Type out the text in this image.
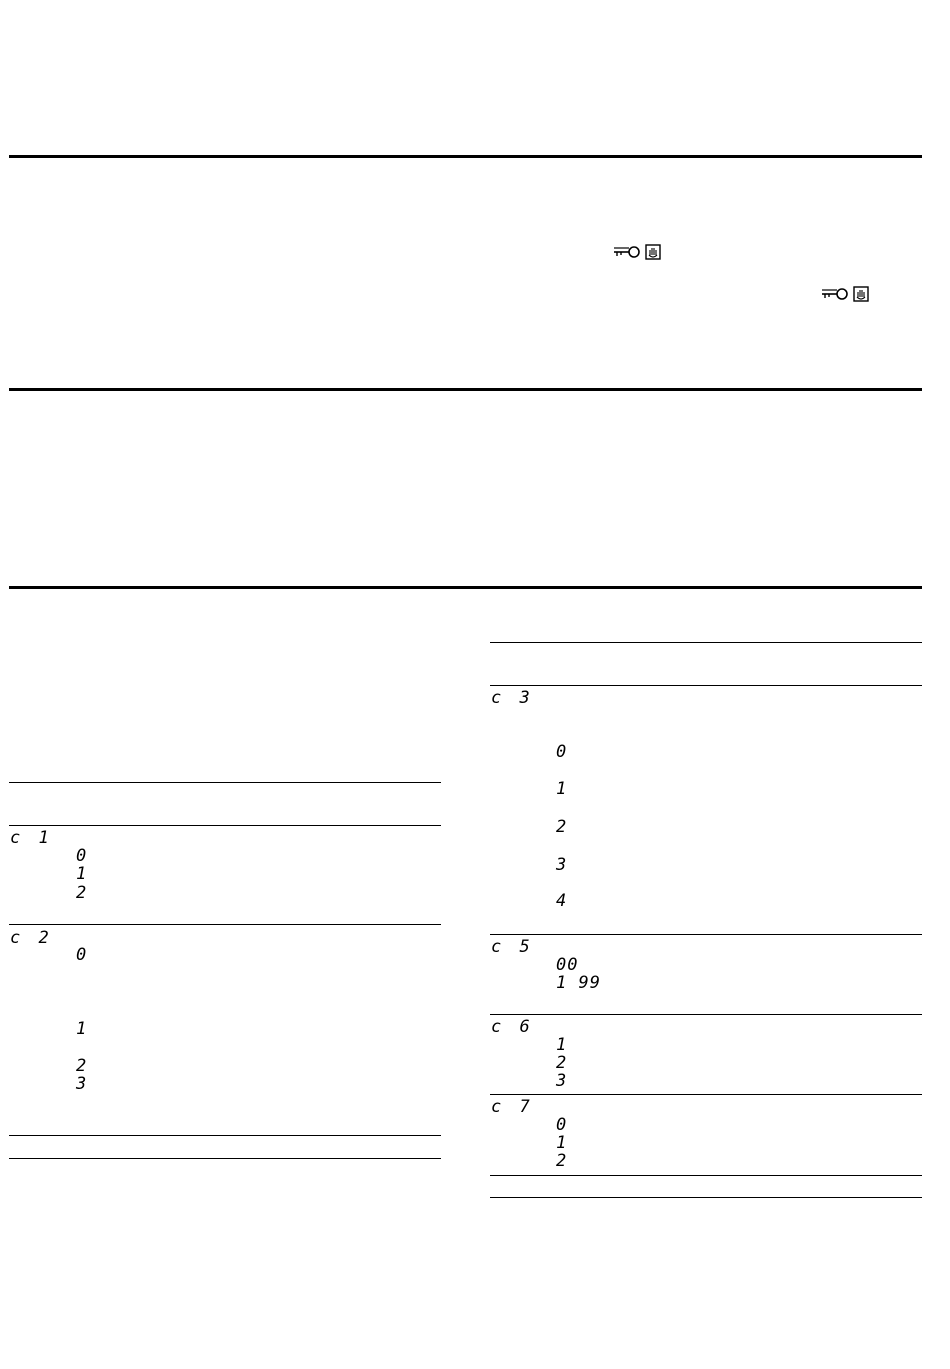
c 1
0
1
2
c 2
0
1
2
3
c 3
0
1
2
3
4
c 5
00
1 99
c 6
1
2
3
c 7
0
1
2
